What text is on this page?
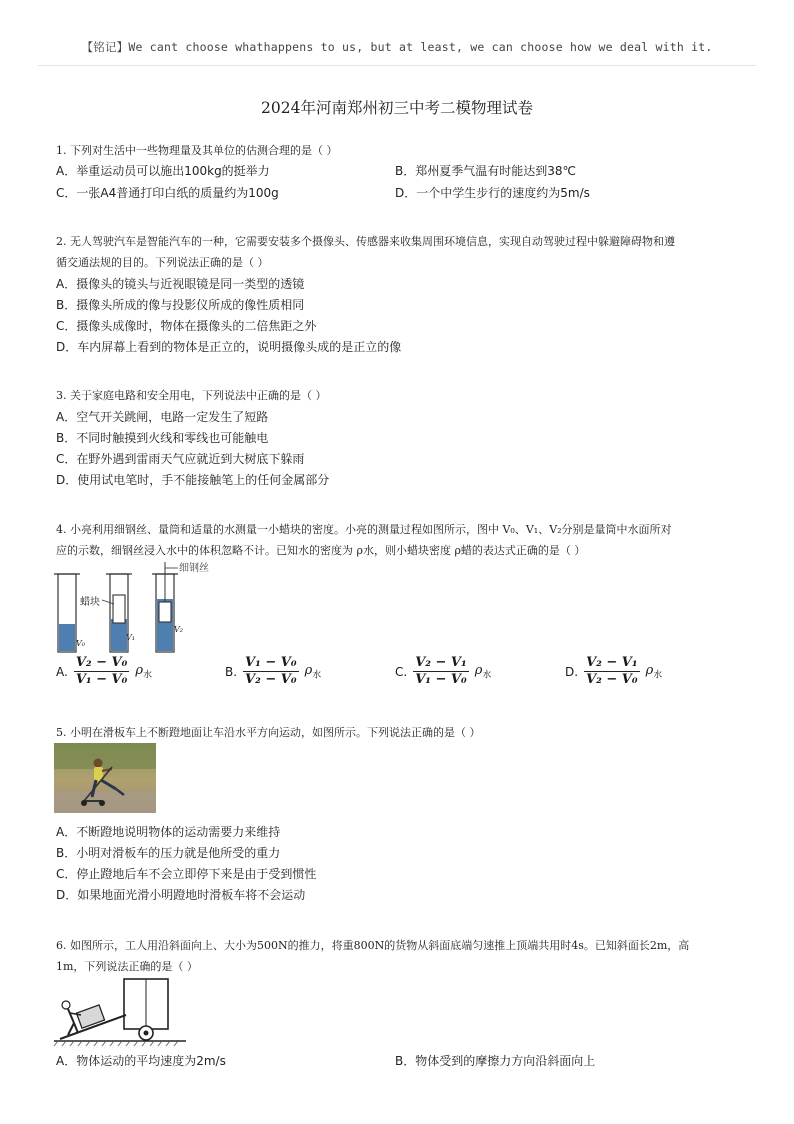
【铭记】We cant choose whathappens to us, but at least, we can choose how we deal with it.
2024年河南郑州初三中考二模物理试卷
1. 下列对生活中一些物理量及其单位的估测合理的是（ ）
A．举重运动员可以施出100kg的挺举力	B．郑州夏季气温有时能达到38℃
C．一张A4普通打印白纸的质量约为100g	D．一个中学生步行的速度约为5m/s
2. 无人驾驶汽车是智能汽车的一种，它需要安装多个摄像头、传感器来收集周围环境信息，实现自动驾驶过程中躲避障碍物和遵
循交通法规的目的。下列说法正确的是（ ）
A．摄像头的镜头与近视眼镜是同一类型的透镜
B．摄像头所成的像与投影仪所成的像性质相同
C．摄像头成像时，物体在摄像头的二倍焦距之外
D．车内屏幕上看到的物体是正立的，说明摄像头成的是正立的像
3. 关于家庭电路和安全用电，下列说法中正确的是（ ）
A．空气开关跳闸，电路一定发生了短路
B．不同时触摸到火线和零线也可能触电
C．在野外遇到雷雨天气应就近到大树底下躲雨
D．使用试电笔时，手不能接触笔上的任何金属部分
4. 小亮利用细钢丝、量筒和适量的水测量一小蜡块的密度。小亮的测量过程如图所示，图中 V₀、V₁、V₂分别是量筒中水面所对
应的示数，细钢丝浸入水中的体积忽略不计。已知水的密度为 ρ水，则小蜡块密度 ρ蜡的表达式正确的是（ ）
V₀
V₁
蜡块
细钢丝
V₂
A. $\frac{\text{V₂ − V₀}}{\text{V₁ − V₀}} \rho_水$	B. $\frac{\text{V₁ − V₀}}{\text{V₂ − V₀}} \rho_水$	C. $\frac{\text{V₂ − V₁}}{\text{V₁ − V₀}} \rho_水$	D. $\frac{\text{V₂ − V₁}}{\text{V₂ − V₀}} \rho_水$
5. 小明在滑板车上不断蹬地面让车沿水平方向运动，如图所示。下列说法正确的是（ ）
A．不断蹬地说明物体的运动需要力来维持
B．小明对滑板车的压力就是他所受的重力
C．停止蹬地后车不会立即停下来是由于受到惯性
D．如果地面光滑小明蹬地时滑板车将不会运动
6. 如图所示，工人用沿斜面向上、大小为500N的推力，将重800N的货物从斜面底端匀速推上顶端共用时4s。已知斜面长2m，高
1m，下列说法正确的是（ ）
A．物体运动的平均速度为2m/s	B．物体受到的摩擦力方向沿斜面向上
